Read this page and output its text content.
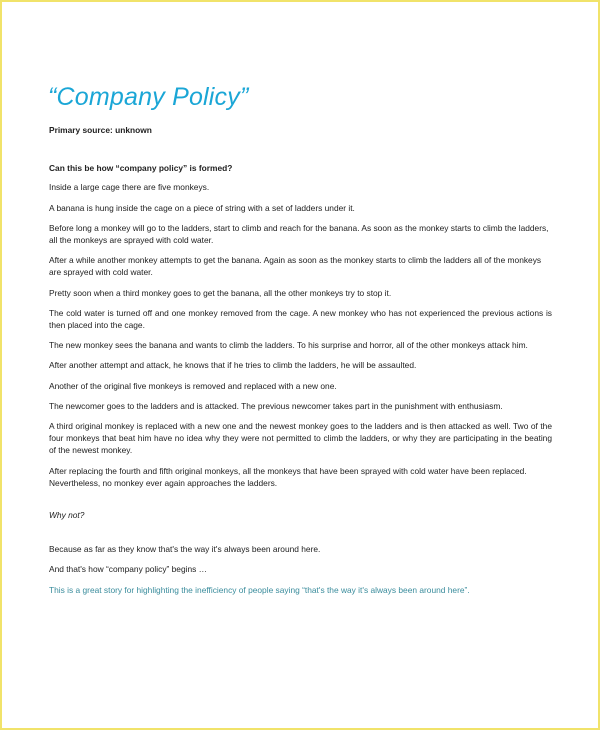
“Company Policy”
Primary source: unknown
Can this be how “company policy” is formed?

Inside a large cage there are five monkeys.

A banana is hung inside the cage on a piece of string with a set of ladders under it.

Before long a monkey will go to the ladders, start to climb and reach for the banana. As soon as the monkey starts to climb the ladders, all the monkeys are sprayed with cold water.

After a while another monkey attempts to get the banana. Again as soon as the monkey starts to climb the ladders all of the monkeys are sprayed with cold water.

Pretty soon when a third monkey goes to get the banana, all the other monkeys try to stop it.

The cold water is turned off and one monkey removed from the cage. A new monkey who has not experienced the previous actions is then placed into the cage.

The new monkey sees the banana and wants to climb the ladders. To his surprise and horror, all of the other monkeys attack him.

After another attempt and attack, he knows that if he tries to climb the ladders, he will be assaulted.

Another of the original five monkeys is removed and replaced with a new one.

The newcomer goes to the ladders and is attacked. The previous newcomer takes part in the punishment with enthusiasm.

A third original monkey is replaced with a new one and the newest monkey goes to the ladders and is then attacked as well. Two of the four monkeys that beat him have no idea why they were not permitted to climb the ladders, or why they are participating in the beating of the newest monkey.

After replacing the fourth and fifth original monkeys, all the monkeys that have been sprayed with cold water have been replaced. Nevertheless, no monkey ever again approaches the ladders.

Why not?

Because as far as they know that's the way it's always been around here.

And that's how “company policy” begins …

This is a great story for highlighting the inefficiency of people saying “that's the way it's always been around here”.
